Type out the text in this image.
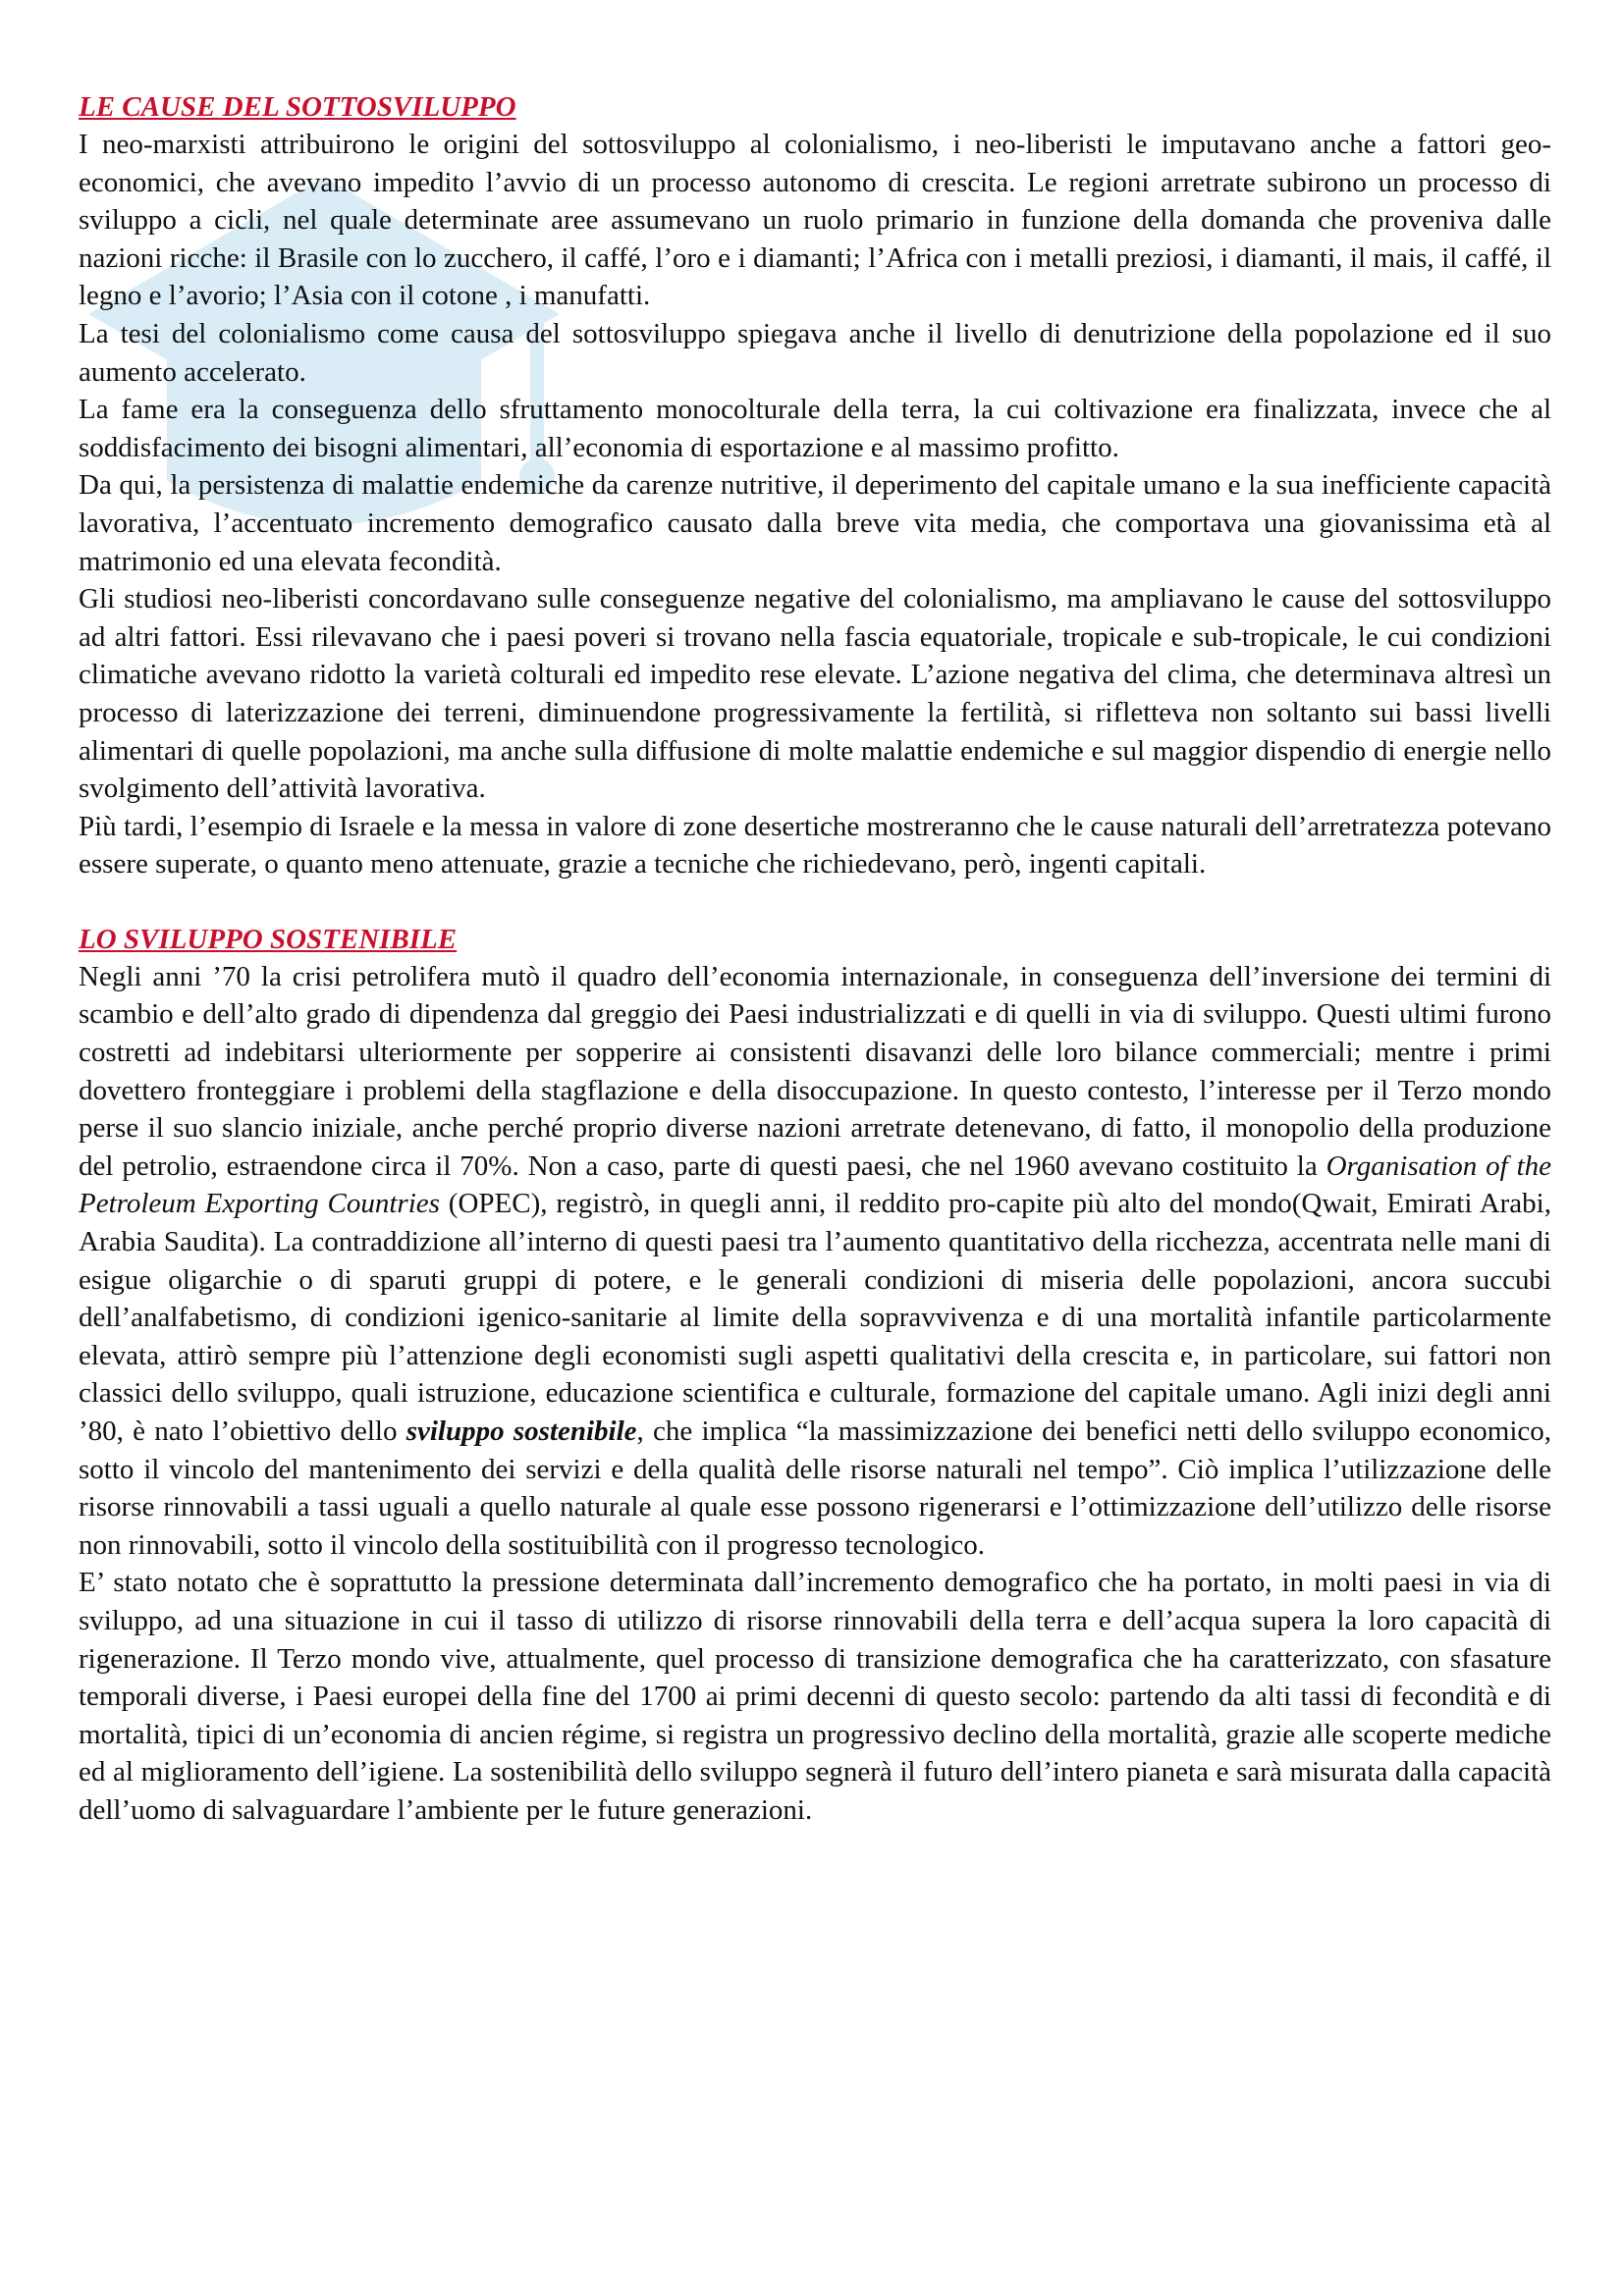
LE CAUSE DEL SOTTOSVILUPPO

I neo-marxisti attribuirono le origini del sottosviluppo al colonialismo, i neo-liberisti le imputavano anche a fattori geo-economici, che avevano impedito l’avvio di un processo autonomo di crescita. Le regioni arretrate subirono un processo di sviluppo a cicli, nel quale determinate aree assumevano un ruolo primario in funzione della domanda che proveniva dalle nazioni ricche: il Brasile con lo zucchero, il caffé, l’oro e i diamanti; l’Africa con i metalli preziosi, i diamanti, il mais, il caffé, il legno e l’avorio; l’Asia con il cotone , i manufatti.

La tesi del colonialismo come causa del sottosviluppo spiegava anche il livello di denutrizione della popolazione ed il suo aumento accelerato.

La fame era la conseguenza dello sfruttamento monocolturale della terra, la cui coltivazione era finalizzata, invece che al soddisfacimento dei bisogni alimentari, all’economia di esportazione e al massimo profitto.

Da qui, la persistenza di malattie endemiche da carenze nutritive, il deperimento del capitale umano e la sua inefficiente capacità lavorativa, l’accentuato incremento demografico causato dalla breve vita media, che comportava una giovanissima età al matrimonio ed una elevata fecondità.

Gli studiosi neo-liberisti concordavano sulle conseguenze negative del colonialismo, ma ampliavano le cause del sottosviluppo ad altri fattori. Essi rilevavano che i paesi poveri si trovano nella fascia equatoriale, tropicale e sub-tropicale, le cui condizioni climatiche avevano ridotto la varietà colturali ed impedito rese elevate. L’azione negativa del clima, che determinava altresì un processo di laterizzazione dei terreni, diminuendone progressivamente la fertilità, si rifletteva non soltanto sui bassi livelli alimentari di quelle popolazioni, ma anche sulla diffusione di molte malattie endemiche e sul maggior dispendio di energie nello svolgimento dell’attività lavorativa.

Più tardi, l’esempio di Israele e la messa in valore di zone desertiche mostreranno che le cause naturali dell’arretratezza potevano essere superate, o quanto meno attenuate, grazie a tecniche che richiedevano, però, ingenti capitali.

LO SVILUPPO SOSTENIBILE

Negli anni ’70 la crisi petrolifera mutò il quadro dell’economia internazionale, in conseguenza dell’inversione dei termini di scambio e dell’alto grado di dipendenza dal greggio dei Paesi industrializzati e di quelli in via di sviluppo. Questi ultimi furono costretti ad indebitarsi ulteriormente per sopperire ai consistenti disavanzi delle loro bilance commerciali; mentre i primi dovettero fronteggiare i problemi della stagflazione e della disoccupazione. In questo contesto, l’interesse per il Terzo mondo perse il suo slancio iniziale, anche perché proprio diverse nazioni arretrate detenevano, di fatto, il monopolio della produzione del petrolio, estraendone circa il 70%. Non a caso, parte di questi paesi, che nel 1960 avevano costituito la Organisation of the Petroleum Exporting Countries (OPEC), registrò, in quegli anni, il reddito pro-capite più alto del mondo(Qwait, Emirati Arabi, Arabia Saudita). La contraddizione all’interno di questi paesi tra l’aumento quantitativo della ricchezza, accentrata nelle mani di esigue oligarchie o di sparuti gruppi di potere, e le generali condizioni di miseria delle popolazioni, ancora succubi dell’analfabetismo, di condizioni igenico-sanitarie al limite della sopravvivenza e di una mortalità infantile particolarmente elevata, attirò sempre più l’attenzione degli economisti sugli aspetti qualitativi della crescita e, in particolare, sui fattori non classici dello sviluppo, quali istruzione, educazione scientifica e culturale, formazione del capitale umano. Agli inizi degli anni ’80, è nato l’obiettivo dello sviluppo sostenibile, che implica “la massimizzazione dei benefici netti dello sviluppo economico, sotto il vincolo del mantenimento dei servizi e della qualità delle risorse naturali nel tempo”. Ciò implica l’utilizzazione delle risorse rinnovabili a tassi uguali a quello naturale al quale esse possono rigenerarsi e l’ottimizzazione dell’utilizzo delle risorse non rinnovabili, sotto il vincolo della sostituibilità con il progresso tecnologico.

E’ stato notato che è soprattutto la pressione determinata dall’incremento demografico che ha portato, in molti paesi in via di sviluppo, ad una situazione in cui il tasso di utilizzo di risorse rinnovabili della terra e dell’acqua supera la loro capacità di rigenerazione. Il Terzo mondo vive, attualmente, quel processo di transizione demografica che ha caratterizzato, con sfasature temporali diverse, i Paesi europei della fine del 1700 ai primi decenni di questo secolo: partendo da alti tassi di fecondità e di mortalità, tipici di un’economia di ancien régime, si registra un progressivo declino della mortalità, grazie alle scoperte mediche ed al miglioramento dell’igiene. La sostenibilità dello sviluppo segnerà il futuro dell’intero pianeta e sarà misurata dalla capacità dell’uomo di salvaguardare l’ambiente per le future generazioni.
